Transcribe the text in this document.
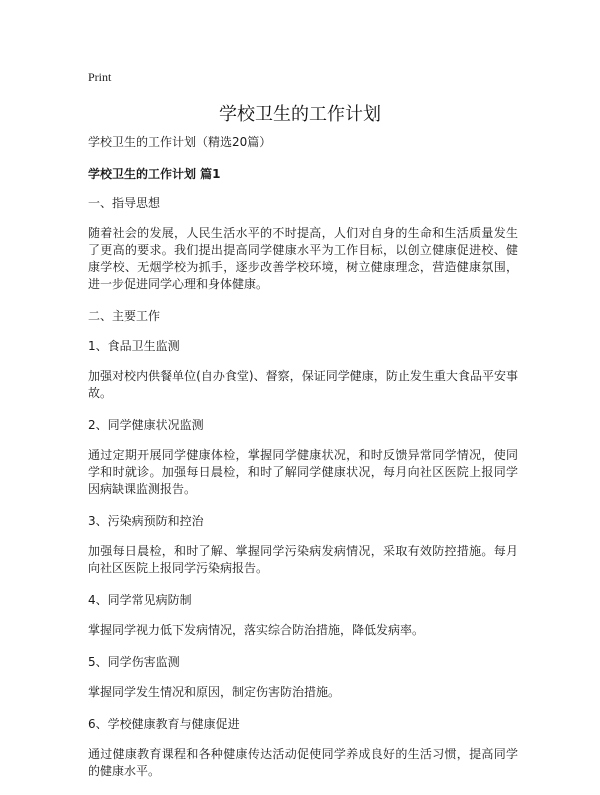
Print
学校卫生的工作计划

学校卫生的工作计划（精选20篇）

学校卫生的工作计划 篇1

一、指导思想

随着社会的发展，人民生活水平的不时提高，人们对自身的生命和生活质量发生了更高的要求。我们提出提高同学健康水平为工作目标，以创立健康促进校、健康学校、无烟学校为抓手，逐步改善学校环境，树立健康理念，营造健康氛围，进一步促进同学心理和身体健康。

二、主要工作

1、食品卫生监测

加强对校内供餐单位(自办食堂)、督察，保证同学健康，防止发生重大食品平安事故。

2、同学健康状况监测

通过定期开展同学健康体检，掌握同学健康状况，和时反馈异常同学情况，使同学和时就诊。加强每日晨检，和时了解同学健康状况，每月向社区医院上报同学因病缺课监测报告。

3、污染病预防和控治

加强每日晨检，和时了解、掌握同学污染病发病情况，采取有效防控措施。每月向社区医院上报同学污染病报告。

4、同学常见病防制

掌握同学视力低下发病情况，落实综合防治措施，降低发病率。

5、同学伤害监测

掌握同学发生情况和原因，制定伤害防治措施。

6、学校健康教育与健康促进

通过健康教育课程和各种健康传达活动促使同学养成良好的生活习惯，提高同学的健康水平。
